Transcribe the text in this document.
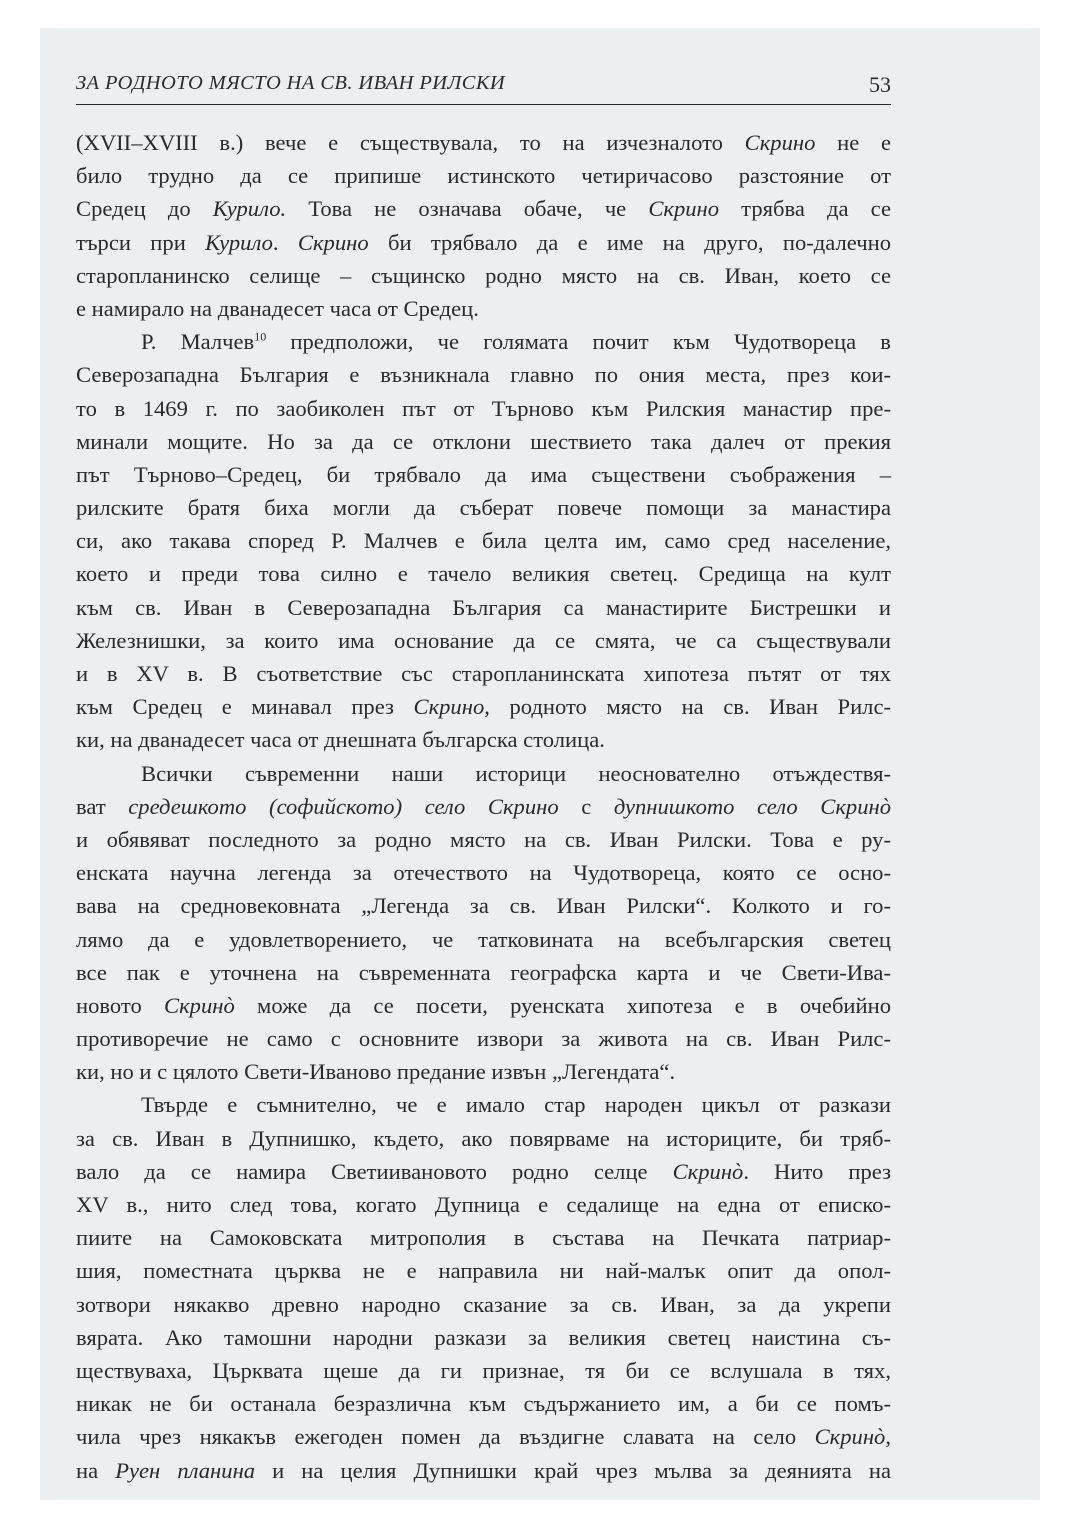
ЗА РОДНОТО МЯСТО НА СВ. ИВАН РИЛСКИ	53
(XVII–XVIII в.) вече е съществувала, то на изчезналото Скрино не е
било трудно да се припише истинското четиричасово разстояние от
Средец до Курило. Това не означава обаче, че Скрино трябва да се
търси при Курило. Скрино би трябвало да е име на друго, по-далечно
старопланинско селище – същинско родно място на св. Иван, което се
е намирало на дванадесет часа от Средец.
Р. Малчев$^{10}$ предположи, че голямата почит към Чудотвореца в
Северозападна България е възникнала главно по ония места, през кои-
то в 1469 г. по заобиколен път от Търново към Рилския манастир пре-
минали мощите. Но за да се отклони шествието така далеч от прекия
път Търново–Средец, би трябвало да има съществени съображения –
рилските братя биха могли да съберат повече помощи за манастира
си, ако такава според Р. Малчев е била целта им, само сред население,
което и преди това силно е тачело великия светец. Средища на култ
към св. Иван в Северозападна България са манастирите Бистрешки и
Железнишки, за които има основание да се смята, че са съществували
и в XV в. В съответствие със старопланинската хипотеза пътят от тях
към Средец е минавал през Скрино, родното място на св. Иван Рилс-
ки, на дванадесет часа от днешната българска столица.
Всички съвременни наши историци неоснователно отъждествя-
ват средешкото (софийското) село Скрино с дупнишкото село Скринò
и обявяват последното за родно място на св. Иван Рилски. Това е ру-
енската научна легенда за отечеството на Чудотвореца, която се осно-
вава на средновековната „Легенда за св. Иван Рилски“. Колкото и го-
лямо да е удовлетворението, че татковината на всебългарския светец
все пак е уточнена на съвременната географска карта и че Свети-Ива-
новото Скринò може да се посети, руенската хипотеза е в очебийно
противоречие не само с основните извори за живота на св. Иван Рилс-
ки, но и с цялото Свети-Ивановo предание извън „Легендата“.
Твърде е съмнително, че е имало стар народен цикъл от разкази
за св. Иван в Дупнишко, където, ако повярваме на историците, би тряб-
вало да се намира Светиивановото родно селце Скринò. Нито през
XV в., нито след това, когато Дупница е седалище на една от еписко-
пиите на Самоковската митрополия в състава на Печката патриар-
шия, поместната църква не е направила ни най-малък опит да опол-
зотвори някакво древно народно сказание за св. Иван, за да укрепи
вярата. Ако тамошни народни разкази за великия светец наистина съ-
ществуваха, Църквата щеше да ги признае, тя би се вслушала в тях,
никак не би останала безразлична към съдържанието им, а би се помъ-
чила чрез някакъв ежегоден помен да въздигне славата на село Скринò,
на Руен планина и на целия Дупнишки край чрез мълва за деянията на
